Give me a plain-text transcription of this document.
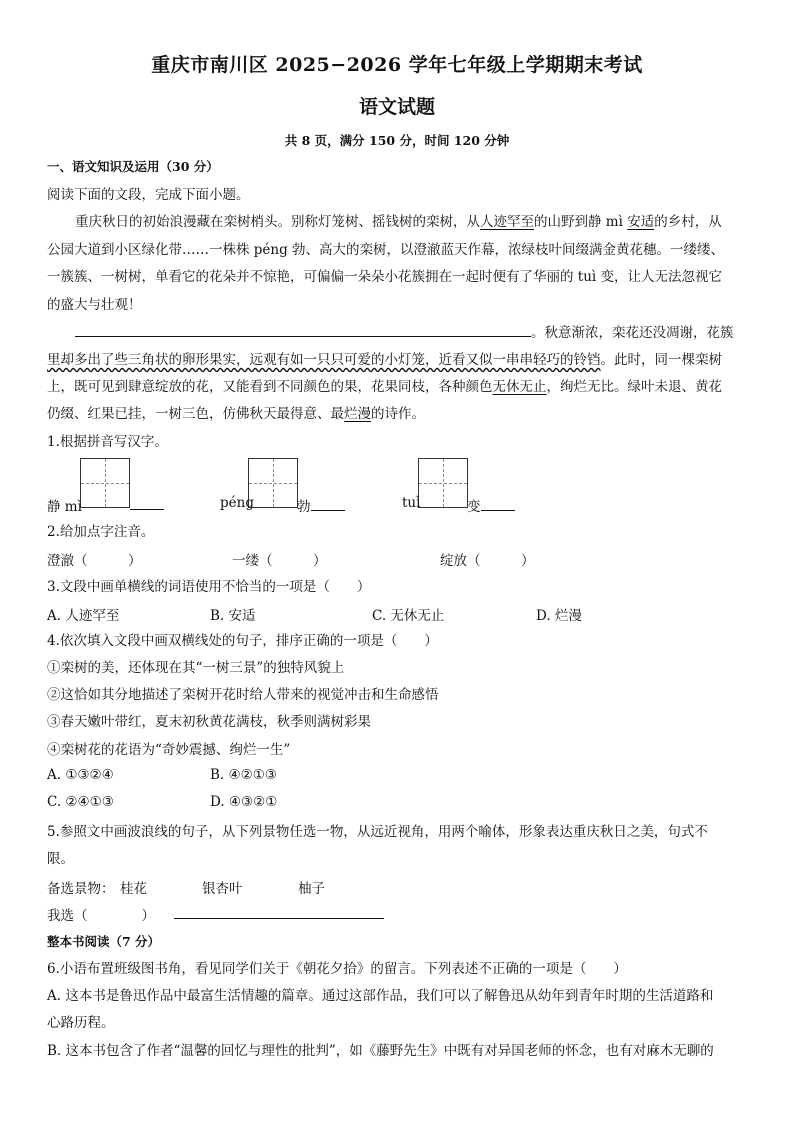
重庆市南川区 2025−2026 学年七年级上学期期末考试
语文试题
共 8 页，满分 150 分，时间 120 分钟
一、语文知识及运用（30 分）
阅读下面的文段，完成下面小题。
重庆秋日的初始浪漫藏在栾树梢头。别称灯笼树、摇钱树的栾树，从人迹罕至的山野到静 mì 安适的乡村，从
公园大道到小区绿化带……一株株 péng 勃、高大的栾树，以澄澈蓝天作幕，浓绿枝叶间缀满金黄花穗。一缕缕、
一簇簇、一树树，单看它的花朵并不惊艳，可偏偏一朵朵小花簇拥在一起时便有了华丽的 tuì 变，让人无法忽视它
的盛大与壮观！
。秋意渐浓，栾花还没凋谢，花簇
里却多出了些三角状的卵形果实，远观有如一只只可爱的小灯笼，近看又似一串串轻巧的铃铛。此时，同一棵栾树
上，既可见到肆意绽放的花，又能看到不同颜色的果，花果同枝，各种颜色无休无止，绚烂无比。绿叶未退、黄花
仍缀、红果已挂，一树三色，仿佛秋天最得意、最烂漫的诗作。
1.根据拼音写汉字。
静 mì	péng	勃	tuì	变
2.给加点字注音。
澄澈（　　　）	一缕（　　　）	绽放（　　　）
3.文段中画单横线的词语使用不恰当的一项是（　　）
A. 人迹罕至	B. 安适	C. 无休无止	D. 烂漫
4.依次填入文段中画双横线处的句子，排序正确的一项是（　　）
①栾树的美，还体现在其“一树三景”的独特风貌上
②这恰如其分地描述了栾树开花时给人带来的视觉冲击和生命感悟
③春天嫩叶带红，夏末初秋黄花满枝，秋季则满树彩果
④栾树花的花语为“奇妙震撼、绚烂一生”
A. ①③②④	B. ④②①③
C. ②④①③	D. ④③②①
5.参照文中画波浪线的句子，从下列景物任选一物，从远近视角，用两个喻体，形象表达重庆秋日之美，句式不
限。
备选景物： 桂花	银杏叶	柚子
我选（　　　　）
整本书阅读（7 分）
6.小语布置班级图书角，看见同学们关于《朝花夕拾》的留言。下列表述不正确的一项是（　　）
A. 这本书是鲁迅作品中最富生活情趣的篇章。通过这部作品，我们可以了解鲁迅从幼年到青年时期的生活道路和
心路历程。
B. 这本书包含了作者“温馨的回忆与理性的批判”，如《藤野先生》中既有对异国老师的怀念，也有对麻木无聊的
